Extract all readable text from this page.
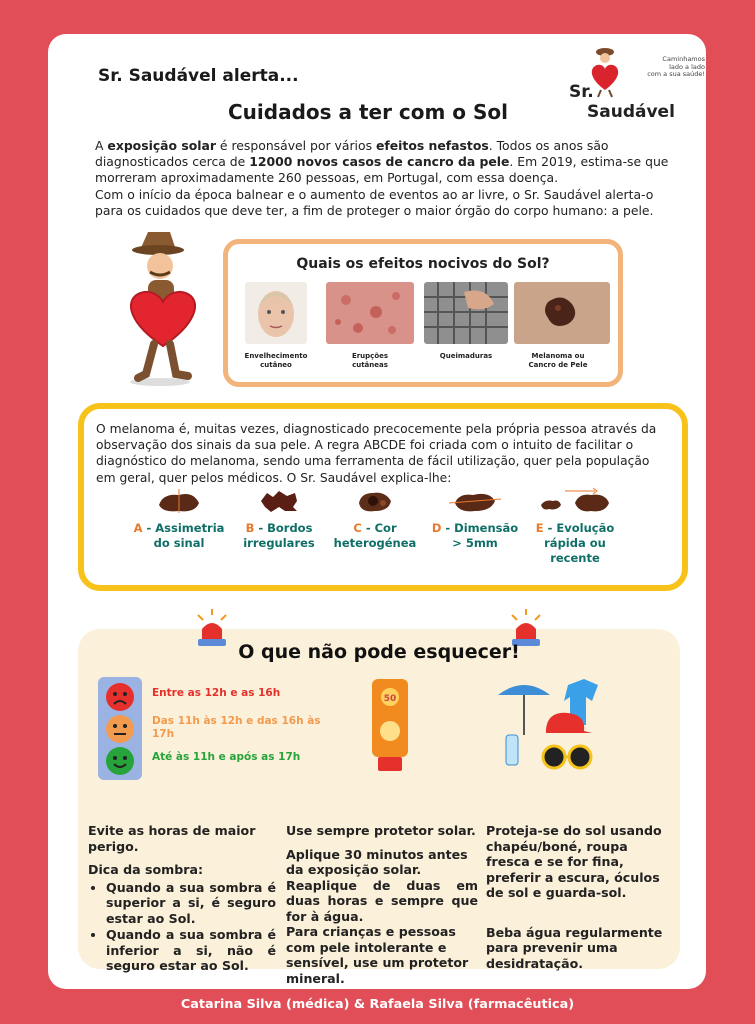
Sr. Saudável alerta...
Caminhamos
lado a lado
com a sua saúde!
Sr. Saudável
Cuidados a ter com o Sol

A exposição solar é responsável por vários efeitos nefastos. Todos os anos são diagnosticados cerca de 12000 novos casos de cancro da pele. Em 2019, estima-se que morreram aproximadamente 260 pessoas, em Portugal, com essa doença.

Com o início da época balnear e o aumento de eventos ao ar livre, o Sr. Saudável alerta-o para os cuidados que deve ter, a fim de proteger o maior órgão do corpo humano: a pele.

Quais os efeitos nocivos do Sol?
Envelhecimento
cutâneo
Erupções
cutâneas
Queimaduras	Melanoma ou
Cancro de Pele
O melanoma é, muitas vezes, diagnosticado precocemente pela própria pessoa através da observação dos sinais da sua pele. A regra ABCDE foi criada com o intuito de facilitar o diagnóstico do melanoma, sendo uma ferramenta de fácil utilização, quer pela população em geral, quer pelos médicos. O Sr. Saudável explica-lhe:
A - Assimetria
do sinal
B - Bordos
irregulares
C - Cor
heterogénea
D - Dimensão
> 5mm
E - Evolução
rápida ou
recente
O que não pode esquecer!
Entre as 12h e as 16h
Das 11h às 12h e das 16h às 17h
Até às 11h e após as 17h
50

Evite as horas de maior perigo.

Dica da sombra:

• Quando a sua sombra é superior a si, é seguro estar ao Sol.
• Quando a sua sombra é inferior a si, não é seguro estar ao Sol.

Use sempre protetor solar.

Aplique 30 minutos antes da exposição solar.

Reaplique de duas em duas horas e sempre que for à água.

Para crianças e pessoas com pele intolerante e sensível, use um protetor mineral.

Proteja-se do sol usando chapéu/boné, roupa fresca e se for fina, preferir a escura, óculos de sol e guarda-sol.

Beba água regularmente para prevenir uma desidratação.

Catarina Silva (médica) & Rafaela Silva (farmacêutica)
